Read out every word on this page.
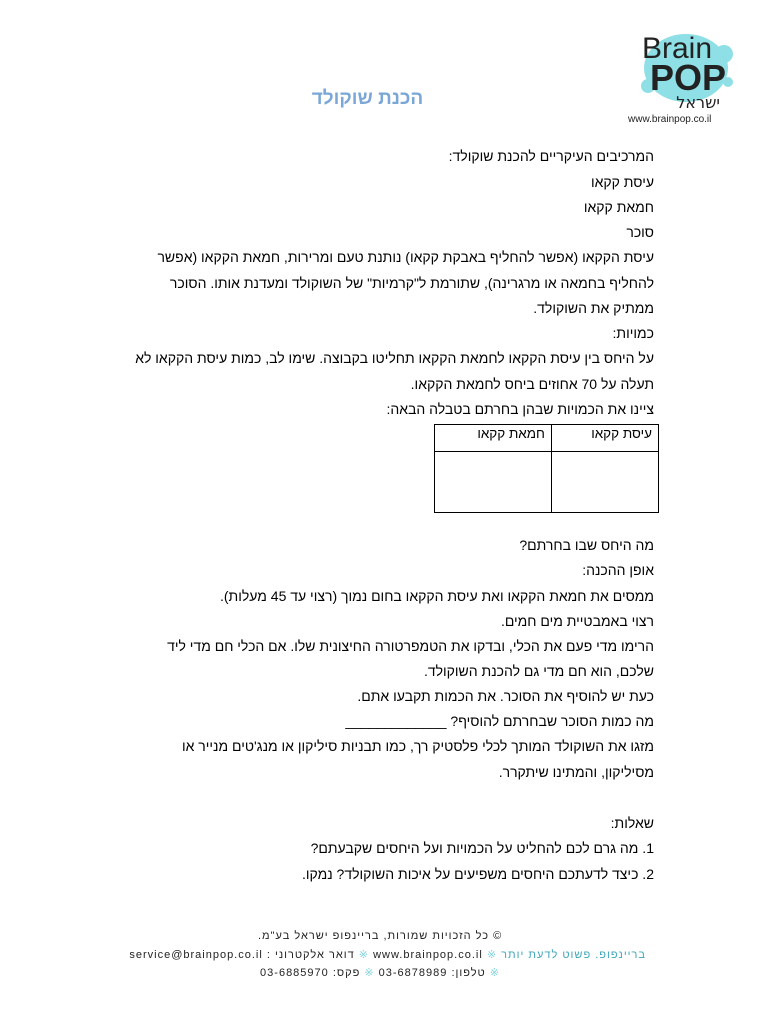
Brain
POP
ישראל
www.brainpop.co.il
הכנת שוקולד

המרכיבים העיקריים להכנת שוקולד:

עיסת קקאו

חמאת קקאו

סוכר

עיסת הקקאו (אפשר להחליף באבקת קקאו) נותנת טעם ומרירות, חמאת הקקאו (אפשר

להחליף בחמאה או מרגרינה), שתורמת ל"קרמיות" של השוקולד ומעדנת אותו. הסוכר

ממתיק את השוקולד.

כמויות:

על היחס בין עיסת הקקאו לחמאת הקקאו תחליטו בקבוצה. שימו לב, כמות עיסת הקקאו לא

תעלה על 70 אחוזים ביחס לחמאת הקקאו.

ציינו את הכמויות שבהן בחרתם בטבלה הבאה:

עיסת קקאו	חמאת קקאו

מה היחס שבו בחרתם?

אופן ההכנה:

ממסים את חמאת הקקאו ואת עיסת הקקאו בחום נמוך (רצוי עד 45 מעלות).

רצוי באמבטיית מים חמים.

הרימו מדי פעם את הכלי, ובדקו את הטמפרטורה החיצונית שלו. אם הכלי חם מדי ליד

שלכם, הוא חם מדי גם להכנת השוקולד.

כעת יש להוסיף את הסוכר. את הכמות תקבעו אתם.

מה כמות הסוכר שבחרתם להוסיף? _____________

מזגו את השוקולד המותך לכלי פלסטיק רך, כמו תבניות סיליקון או מנג'טים מנייר או

מסיליקון, והמתינו שיתקרר.

שאלות:

1. מה גרם לכם להחליט על הכמויות ועל היחסים שקבעתם?

2. כיצד לדעתכם היחסים משפיעים על איכות השוקולד? נמקו.

© כל הזכויות שמורות, בריינפופ ישראל בע"מ.
בריינפופ. פשוט לדעת יותר ※ www.brainpop.co.il ※ דואר אלקטרוני : service@brainpop.co.il
※ טלפון: 03-6878989 ※ פקס: 03-6885970
